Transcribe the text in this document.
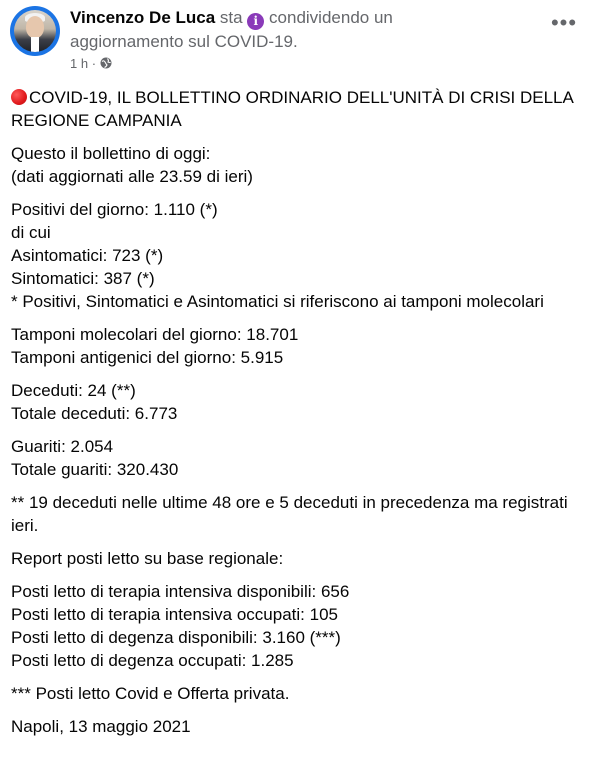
Vincenzo De Luca sta i condividendo un aggiornamento sul COVID-19.
1 h ·
•••
COVID-19, IL BOLLETTINO ORDINARIO DELL'UNITÀ DI CRISI DELLA REGIONE CAMPANIA
Questo il bollettino di oggi:
(dati aggiornati alle 23.59 di ieri)
Positivi del giorno: 1.110 (*)
di cui
Asintomatici: 723 (*)
Sintomatici: 387 (*)
* Positivi, Sintomatici e Asintomatici si riferiscono ai tamponi molecolari
Tamponi molecolari del giorno: 18.701
Tamponi antigenici del giorno: 5.915
Deceduti: 24 (**)
Totale deceduti: 6.773
Guariti: 2.054
Totale guariti: 320.430
** 19 deceduti nelle ultime 48 ore e 5 deceduti in precedenza ma registrati ieri.
Report posti letto su base regionale:
Posti letto di terapia intensiva disponibili: 656
Posti letto di terapia intensiva occupati: 105
Posti letto di degenza disponibili: 3.160 (***)
Posti letto di degenza occupati: 1.285
*** Posti letto Covid e Offerta privata.
Napoli, 13 maggio 2021
